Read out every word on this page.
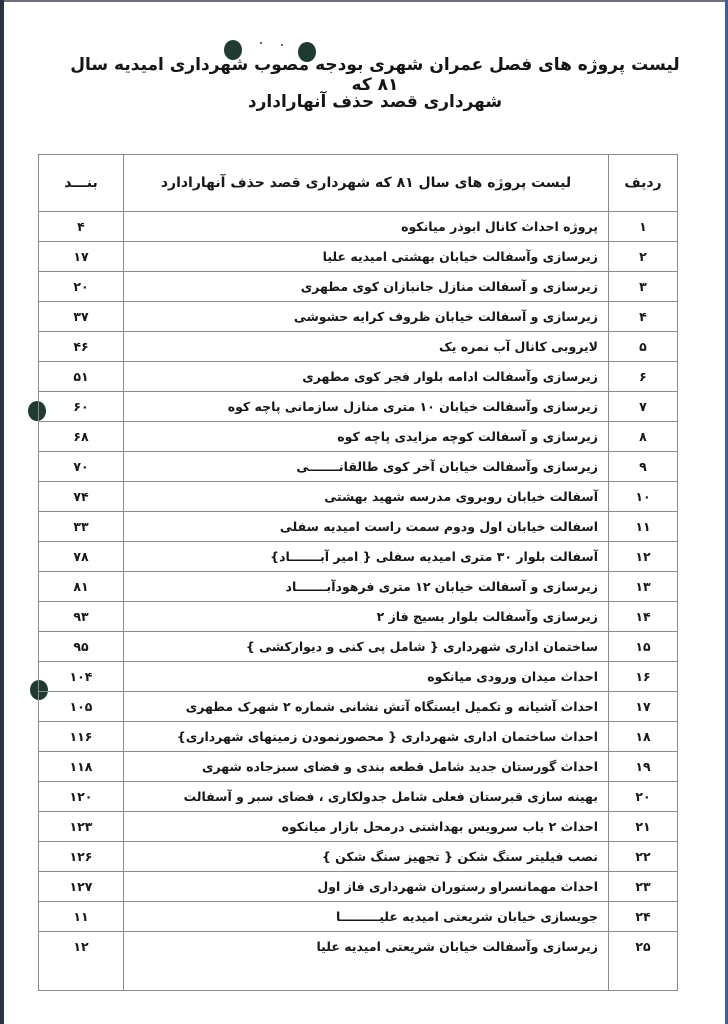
لیست پروژه های فصل عمران شهری بودجه مصوب شهرداری امیدیه سال ۸۱ که
شهرداری قصد حذف آنهارادارد
ردیف	لیست پروژه های سال ۸۱ که شهرداری قصد حذف آنهارادارد	بنـــد
۱	پروژه احداث کانال ابوذر میانکوه	۴
۲	زیرسازی وآسفالت خیابان بهشتی امیدیه علیا	۱۷
۳	زیرسازی و آسفالت منازل جانبازان کوی مطهری	۲۰
۴	زیرسازی و آسفالت خیابان ظروف کرایه حشوشی	۳۷
۵	لایروبی کانال آب نمره یک	۴۶
۶	زیرسازی وآسفالت ادامه بلوار فجر کوی مطهری	۵۱
۷	زیرسازی وآسفالت خیابان ۱۰ متری منازل سازمانی پاچه کوه	۶۰
۸	زیرسازی و آسفالت کوچه مزایدی پاچه کوه	۶۸
۹	زیرسازی وآسفالت خیابان آخر کوی طالقانـــــــی	۷۰
۱۰	آسفالت خیابان روبروی مدرسه شهید بهشتی	۷۴
۱۱	اسفالت خیابان اول ودوم سمت راست امیدیه سفلی	۳۳
۱۲	آسفالت بلوار ۳۰ متری امیدیه سفلی { امیر آبـــــــاد}	۷۸
۱۳	زیرسازی و آسفالت خیابان ۱۲ متری فرهودآبـــــــاد	۸۱
۱۴	زیرسازی وآسفالت بلوار بسیج فاز ۲	۹۳
۱۵	ساختمان اداری شهرداری { شامل پی کنی و دیوارکشی }	۹۵
۱۶	احداث میدان ورودی میانکوه	۱۰۴
۱۷	احداث آشیانه و تکمیل ایستگاه آتش نشانی شماره ۲ شهرک مطهری	۱۰۵
۱۸	احداث ساختمان اداری شهرداری { محصورنمودن زمینهای شهرداری}	۱۱۶
۱۹	احداث گورستان جدید شامل قطعه بندی و فضای سبزجاده شهری	۱۱۸
۲۰	بهینه سازی قبرستان فعلی شامل جدولکاری ، فضای سبر و آسفالت	۱۲۰
۲۱	احداث ۲ باب سرویس بهداشتی درمحل بازار میانکوه	۱۲۳
۲۲	نصب فیلیتر سنگ شکن { تجهیز سنگ شکن }	۱۲۶
۲۳	احداث مهمانسراو رستوران شهرداری فاز اول	۱۲۷
۲۴	جویسازی خیابان شریعتی امیدیه علیـــــــــا	۱۱
۲۵	زیرسازی وآسفالت خیابان شریعتی امیدیه علیا	۱۲
